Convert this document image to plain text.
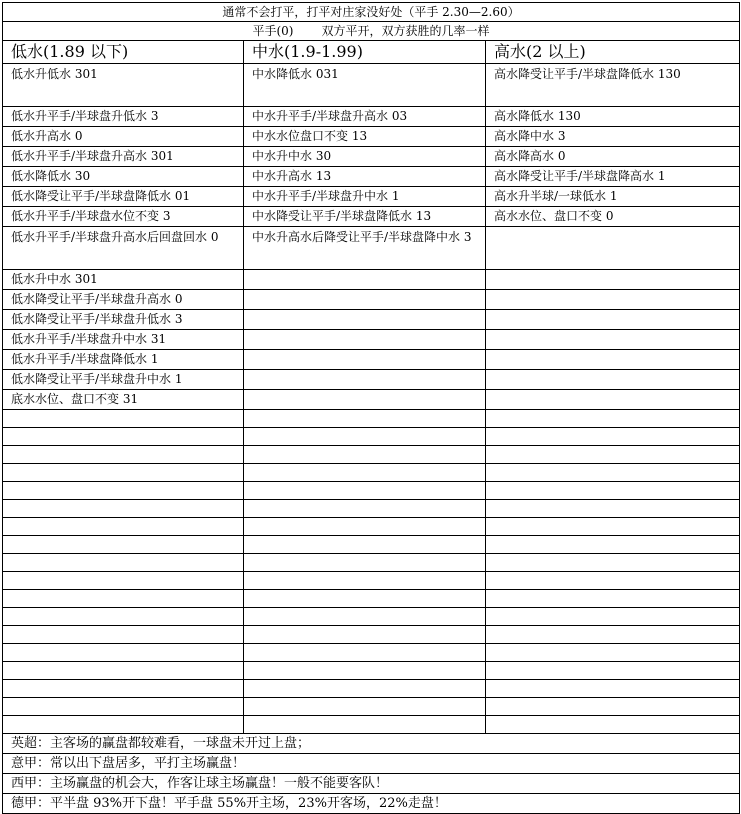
通常不会打平，打平对庄家没好处（平手 2.30—2.60）		
平手(0) 双方平开，双方获胜的几率一样		
低水(1.89 以下)	中水(1.9-1.99)	高水(2 以上)
低水升低水 301	中水降低水 031	高水降受让平手/半球盘降低水 130
低水升平手/半球盘升低水 3	中水升平手/半球盘升高水 03	高水降低水 130
低水升高水 0	中水水位盘口不变 13	高水降中水 3
低水升平手/半球盘升高水 301	中水升中水 30	高水降高水 0
低水降低水 30	中水升高水 13	高水降受让平手/半球盘降高水 1
低水降受让平手/半球盘降低水 01	中水升平手/半球盘升中水 1	高水升半球/一球低水 1
低水升平手/半球盘水位不变 3	中水降受让平手/半球盘降低水 13	高水水位、盘口不变 0
低水升平手/半球盘升高水后回盘回水 0	中水升高水后降受让平手/半球盘降中水 3	
低水升中水 301		
低水降受让平手/半球盘升高水 0		
低水降受让平手/半球盘升低水 3		
低水升平手/半球盘升中水 31		
低水升平手/半球盘降低水 1		
低水降受让平手/半球盘升中水 1		
底水水位、盘口不变 31		

英超：主客场的赢盘都较难看，一球盘未开过上盘；		
意甲：常以出下盘居多，平打主场赢盘！		
西甲：主场赢盘的机会大，作客让球主场赢盘！一般不能要客队！		
德甲：平半盘 93%开下盘！平手盘 55%开主场，23%开客场，22%走盘！		
